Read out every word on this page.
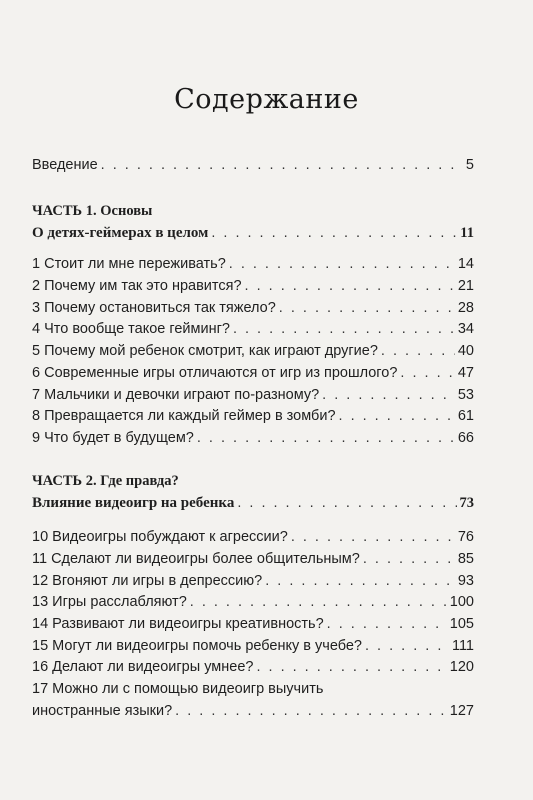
Содержание
Введение . . .	5
ЧАСТЬ 1. Основы
О детях-геймерах в целом . . .	11
1 Стоит ли мне переживать? . . .	14
2 Почему им так это нравится? . . .	21
3 Почему остановиться так тяжело? . . .	28
4 Что вообще такое гейминг? . . .	34
5 Почему мой ребенок смотрит, как играют другие? . . .	40
6 Современные игры отличаются от игр из прошлого? . . .	47
7 Мальчики и девочки играют по-разному? . . .	53
8 Превращается ли каждый геймер в зомби? . . .	61
9 Что будет в будущем? . . .	66
ЧАСТЬ 2. Где правда?
Влияние видеоигр на ребенка . . .	73
10 Видеоигры побуждают к агрессии? . . .	76
11 Сделают ли видеоигры более общительным? . . .	85
12 Вгоняют ли игры в депрессию? . . .	93
13 Игры расслабляют? . . .	100
14 Развивают ли видеоигры креативность? . . .	105
15 Могут ли видеоигры помочь ребенку в учебе? . . .	111
16 Делают ли видеоигры умнее? . . .	120
17 Можно ли с помощью видеоигр выучить
иностранные языки? . . .	127
